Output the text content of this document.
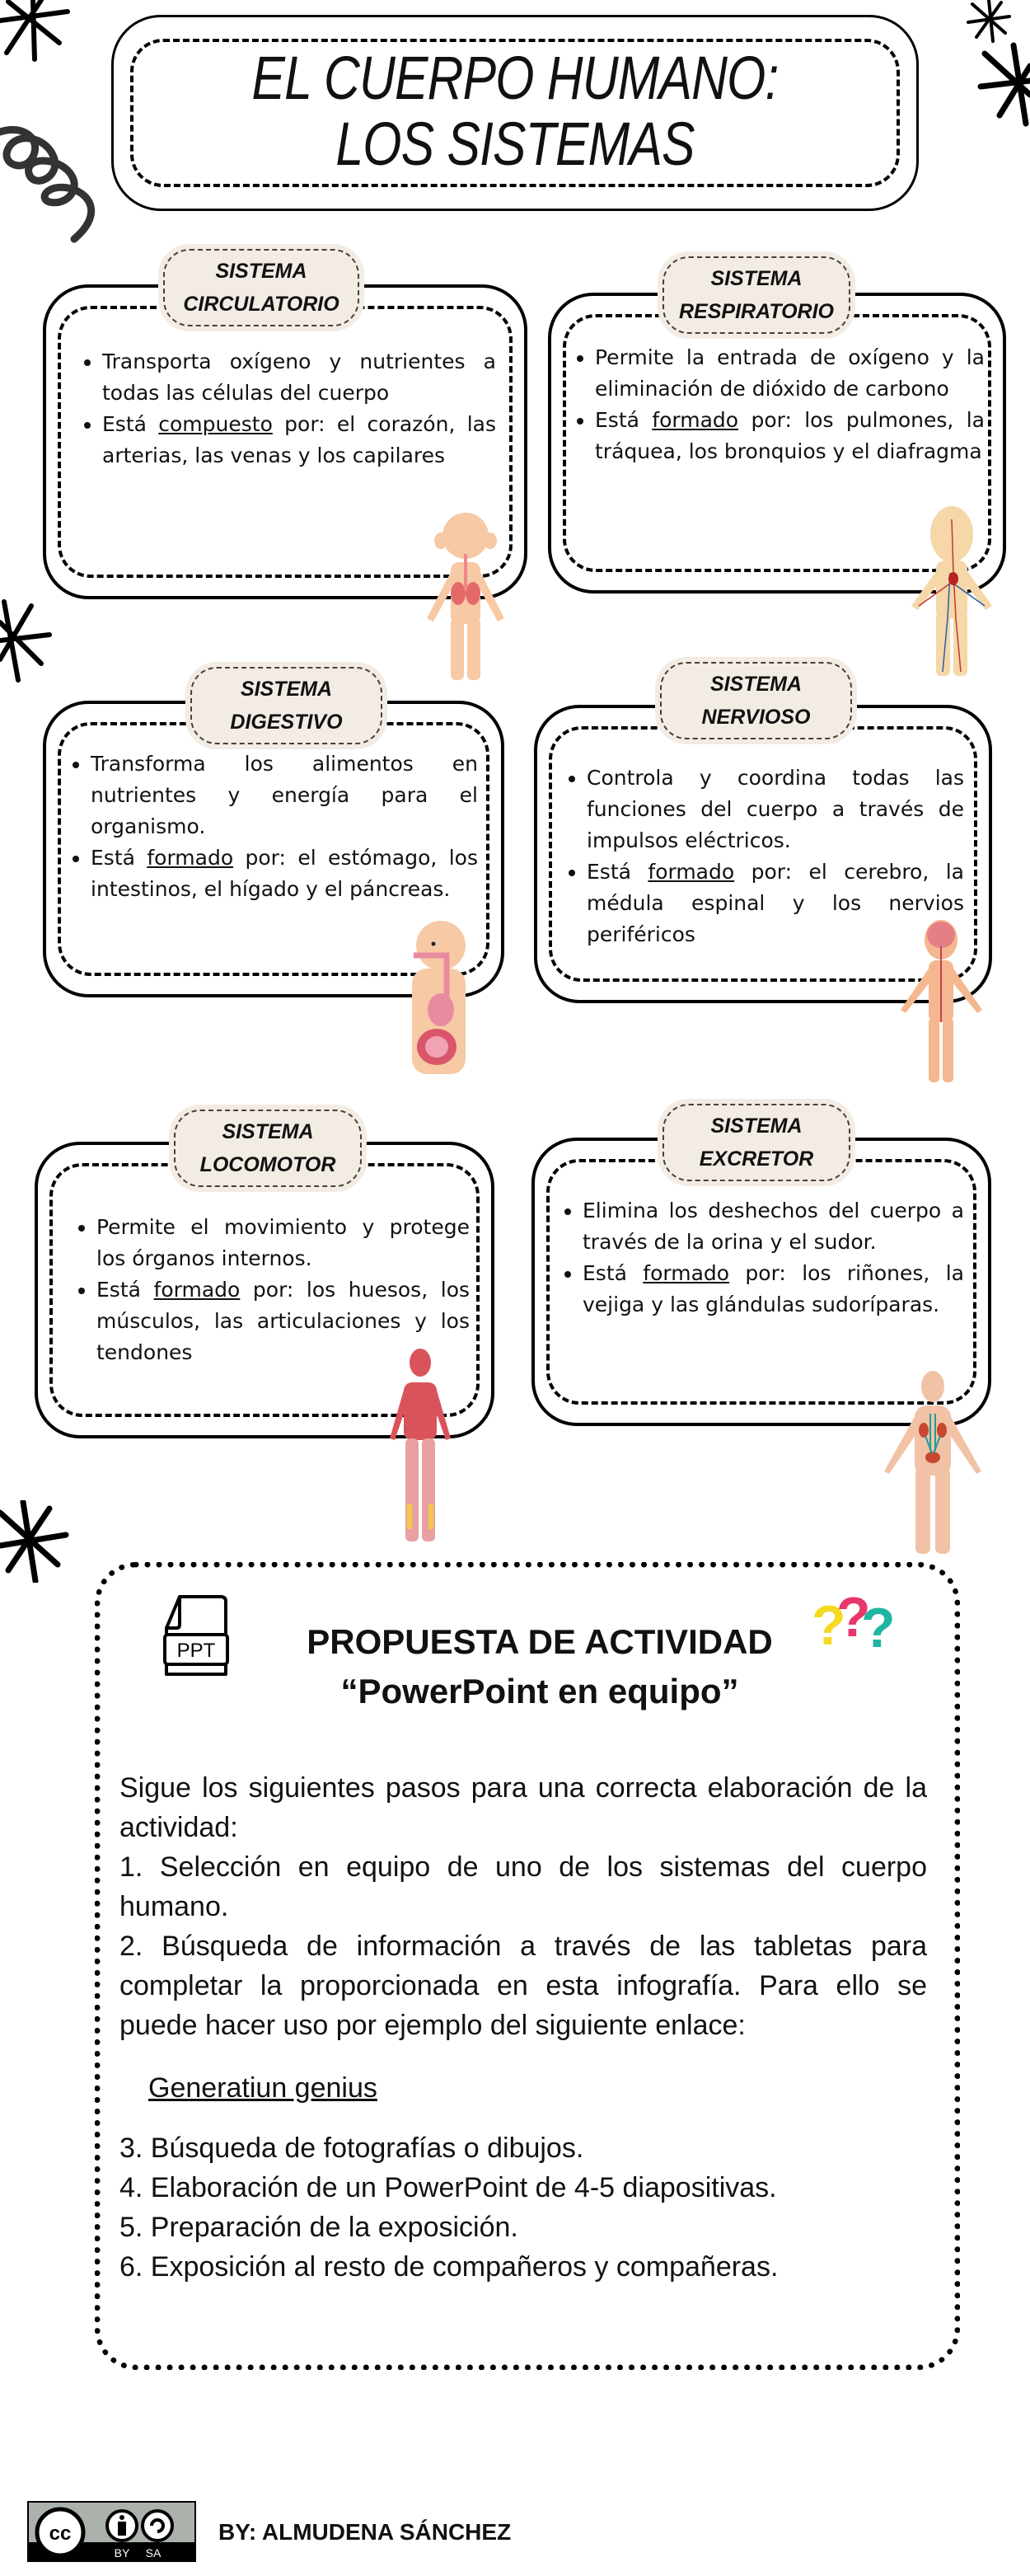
EL CUERPO HUMANO:
LOS SISTEMAS
SISTEMA
CIRCULATORIO
• Transporta oxígeno y nutrientes a todas las células del cuerpo
• Está compuesto por: el corazón, las arterias, las venas y los capilares
SISTEMA
RESPIRATORIO
• Permite la entrada de oxígeno y la eliminación de dióxido de carbono
• Está formado por: los pulmones, la tráquea, los bronquios y el diafragma
SISTEMA
DIGESTIVO
• Transforma los alimentos en nutrientes y energía para el organismo.
• Está formado por: el estómago, los intestinos, el hígado y el páncreas.
SISTEMA
NERVIOSO
• Controla y coordina todas las funciones del cuerpo a través de impulsos eléctricos.
• Está formado por: el cerebro, la médula espinal y los nervios periféricos
SISTEMA
LOCOMOTOR
• Permite el movimiento y protege los órganos internos.
• Está formado por: los huesos, los músculos, las articulaciones y los tendones
SISTEMA
EXCRETOR
• Elimina los deshechos del cuerpo a través de la orina y el sudor.
• Está formado por: los riñones, la vejiga y las glándulas sudoríparas.
PPT	PROPUESTA DE ACTIVIDAD
“PowerPoint en equipo”
?
?
?
Sigue los siguientes pasos para una correcta elaboración de la actividad:
1. Selección en equipo de uno de los sistemas del cuerpo humano.
2. Búsqueda de información a través de las tabletas para completar la proporcionada en esta infografía. Para ello se puede hacer uso por ejemplo del siguiente enlace:
Generatiun genius
3. Búsqueda de fotografías o dibujos.
4. Elaboración de un PowerPoint de 4-5 diapositivas.
5. Preparación de la exposición.
6. Exposición al resto de compañeros y compañeras.
cc
BY SA
BY: ALMUDENA SÁNCHEZ
